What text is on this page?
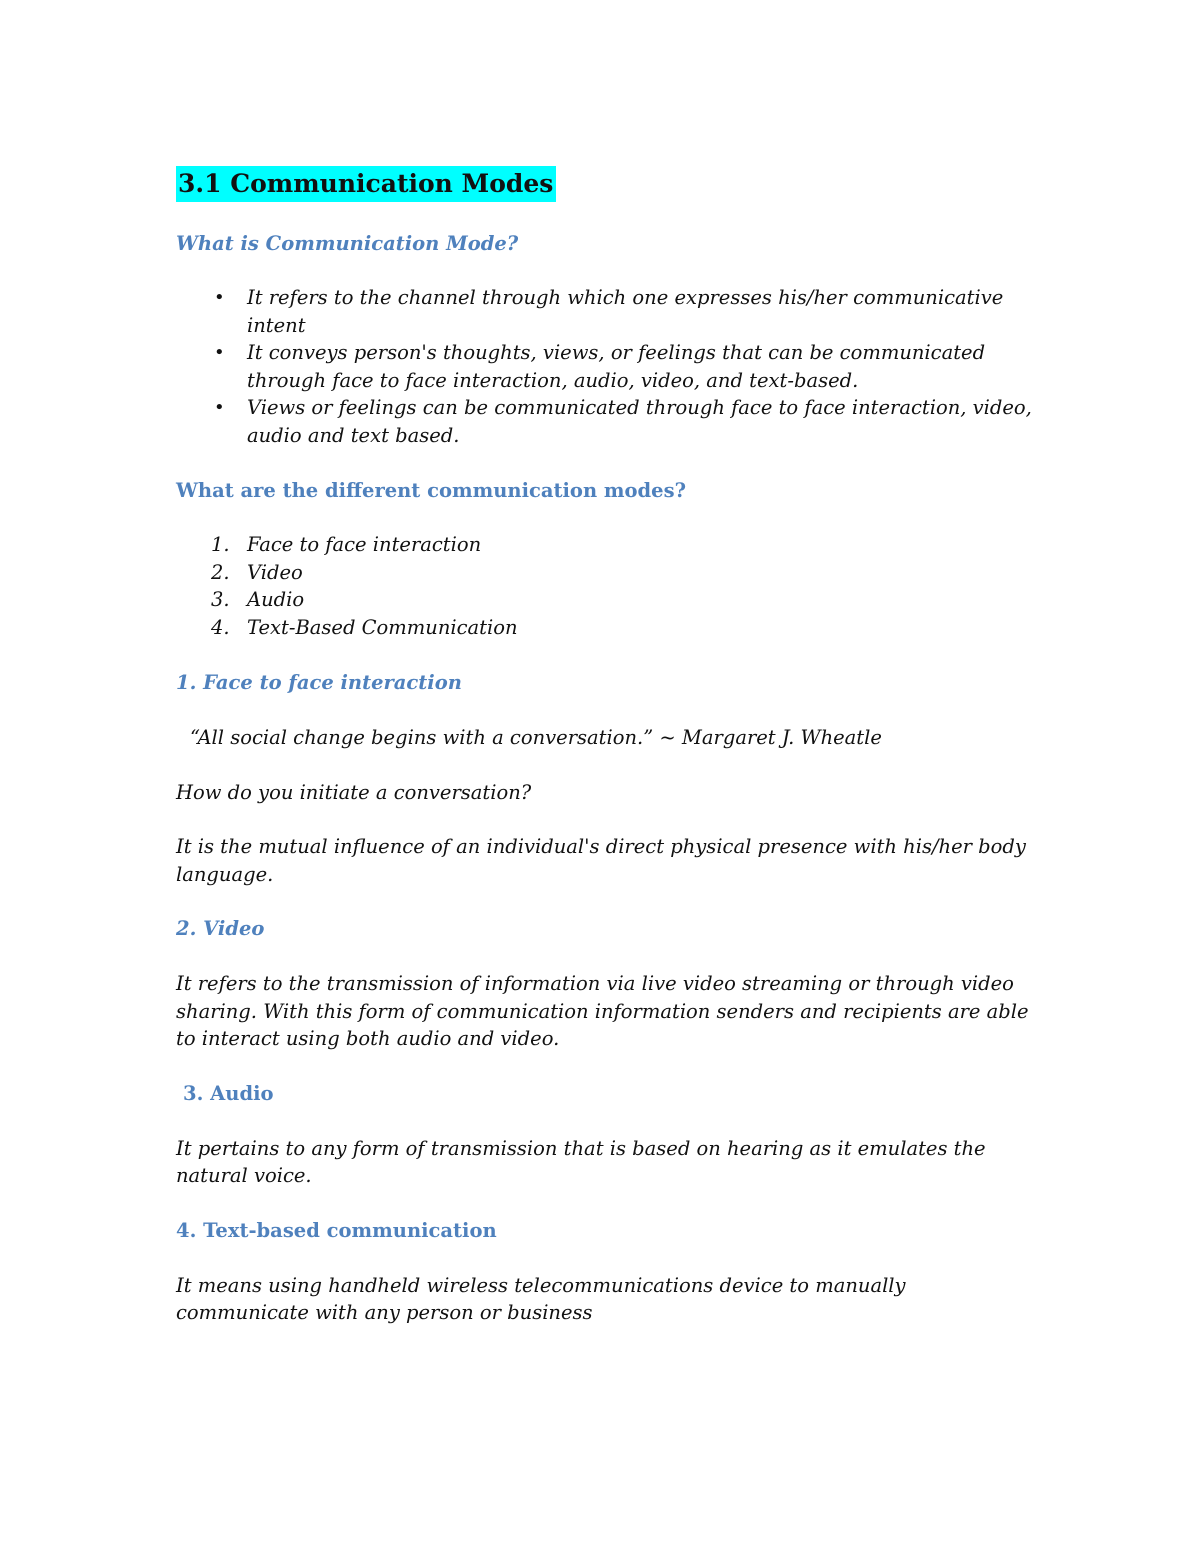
3.1 Communication Modes

What is Communication Mode?

• It refers to the channel through which one expresses his/her communicative intent
• It conveys person's thoughts, views, or feelings that can be communicated through face to face interaction, audio, video, and text-based.
• Views or feelings can be communicated through face to face interaction, video, audio and text based.

What are the different communication modes?

1. Face to face interaction
2. Video
3. Audio
4. Text-Based Communication

1. Face to face interaction

“All social change begins with a conversation.” ~ Margaret J. Wheatle

How do you initiate a conversation?

It is the mutual influence of an individual's direct physical presence with his/her body language.

2. Video

It refers to the transmission of information via live video streaming or through video sharing. With this form of communication information senders and recipients are able to interact using both audio and video.

3. Audio

It pertains to any form of transmission that is based on hearing as it emulates the natural voice.

4. Text-based communication

It means using handheld wireless telecommunications device to manually communicate with any person or business
